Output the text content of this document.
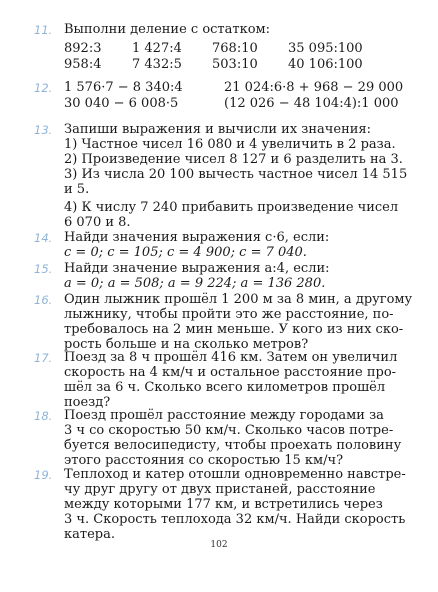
11. Выполни деление с остатком:
892:3 1 427:4 768:10 35 095:100
958:4 7 432:5 503:10 40 106:100
12. 1 576·7 − 8 340:4	21 024:6·8 + 968 − 29 000
30 040 − 6 008·5	(12 026 − 48 104:4):1 000
13. Запиши выражения и вычисли их значения:
1) Частное чисел 16 080 и 4 увеличить в 2 раза.
2) Произведение чисел 8 127 и 6 разделить на 3.
3) Из числа 20 100 вычесть частное чисел 14 515
и 5.
4) К числу 7 240 прибавить произведение чисел
6 070 и 8.
14. Найди значения выражения c·6, если:
c = 0; c = 105; c = 4 900; c = 7 040.
15. Найди значение выражения a:4, если:
a = 0; a = 508; a = 9 224; a = 136 280.
16. Один лыжник прошёл 1 200 м за 8 мин, а другому
лыжнику, чтобы пройти это же расстояние, по-
требовалось на 2 мин меньше. У кого из них ско-
рость больше и на сколько метров?
17. Поезд за 8 ч прошёл 416 км. Затем он увеличил
скорость на 4 км/ч и остальное расстояние про-
шёл за 6 ч. Сколько всего километров прошёл
поезд?
18. Поезд прошёл расстояние между городами за
3 ч со скоростью 50 км/ч. Сколько часов потре-
буется велосипедисту, чтобы проехать половину
этого расстояния со скоростью 15 км/ч?
19. Теплоход и катер отошли одновременно навстре-
чу друг другу от двух пристаней, расстояние
между которыми 177 км, и встретились через
3 ч. Скорость теплохода 32 км/ч. Найди скорость
катера.
102
